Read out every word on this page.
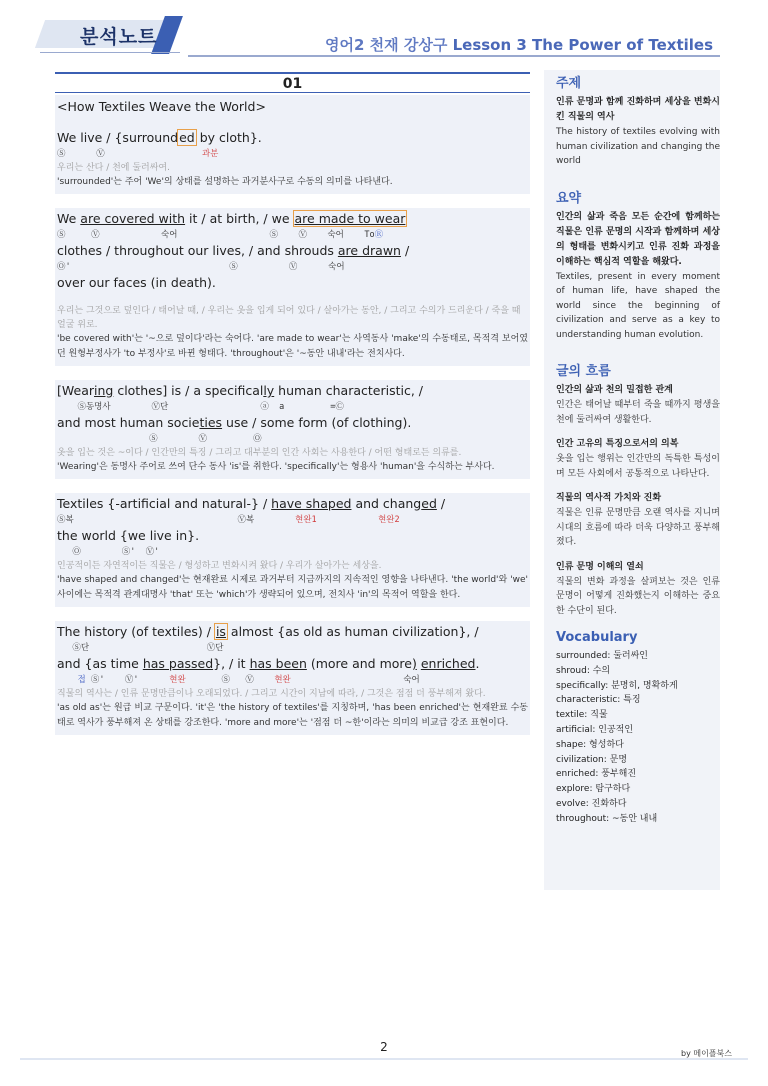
분석노트	영어2 천재 강상구 Lesson 3 The Power of Textiles
01
<How Textiles Weave the World>
We live / {surrounded by cloth}.
Ⓢ      Ⓥ                   과분
우리는 산다 / 천에 둘러싸여.
'surrounded'는 주어 'We'의 상태를 설명하는 과거분사구로 수동의 의미를 나타낸다.
We are covered with it / at birth, / we are made to wear
Ⓢ     Ⓥ            숙어                  Ⓢ    Ⓥ    숙어    ToⓇ
clothes / throughout our lives, / and shrouds are drawn /
Ⓞ'                               Ⓢ          Ⓥ      숙어
over our faces (in death).
우리는 그것으로 덮인다 / 태어날 때, / 우리는 옷을 입게 되어 있다 / 살아가는 동안, / 그리고 수의가 드리운다 / 죽을 때 얼굴 위로.
'be covered with'는 '~으로 덮이다'라는 숙어다. 'are made to wear'는 사역동사 'make'의 수동태로, 목적격 보어였던 원형부정사가 'to 부정사'로 바뀐 형태다. 'throughout'은 '~동안 내내'라는 전치사다.
[Wearing clothes] is / a specifically human characteristic, /
Ⓢ동명사        Ⓥ단                  ⓐ  a         =Ⓒ
and most human societies use / some form (of clothing).
Ⓢ        Ⓥ         Ⓞ
옷을 입는 것은 ~이다 / 인간만의 특징 / 그리고 대부분의 인간 사회는 사용한다 / 어떤 형태로든 의류를.
'Wearing'은 동명사 주어로 쓰여 단수 동사 'is'를 취한다. 'specifically'는 형용사 'human'을 수식하는 부사다.
Textiles {-artificial and natural-} / have shaped and changed /
Ⓢ복                                Ⓥ복        현완1	현완2
the world {we live in}.
Ⓞ        Ⓢ'  Ⓥ'
인공적이든 자연적이든 직물은 / 형성하고 변화시켜 왔다 / 우리가 살아가는 세상을.
'have shaped and changed'는 현재완료 시제로 과거부터 지금까지의 지속적인 영향을 나타낸다. 'the world'와 'we' 사이에는 목적격 관계대명사 'that' 또는 'which'가 생략되어 있으며, 전치사 'in'의 목적어 역할을 한다.
The history (of textiles) / is almost {as old as human civilization}, /
Ⓢ단                       Ⓥ단
and {as time has passed}, / it has been (more and more) enriched.
접 Ⓢ'    Ⓥ'      현완       Ⓢ   Ⓥ    현완                      숙어
직물의 역사는 / 인류 문명만큼이나 오래되었다. / 그리고 시간이 지남에 따라, / 그것은 점점 더 풍부해져 왔다.
'as old as'는 원급 비교 구문이다. 'it'은 'the history of textiles'를 지칭하며, 'has been enriched'는 현재완료 수동태로 역사가 풍부해져 온 상태를 강조한다. 'more and more'는 '점점 더 ~한'이라는 의미의 비교급 강조 표현이다.
주제
인류 문명과 함께 진화하며 세상을 변화시킨 직물의 역사
The history of textiles evolving with human civilization and changing the world
요약
인간의 삶과 죽음 모든 순간에 함께하는 직물은 인류 문명의 시작과 함께하며 세상의 형태를 변화시키고 인류 진화 과정을 이해하는 핵심적 역할을 해왔다.
Textiles, present in every moment of human life, have shaped the world since the beginning of civilization and serve as a key to understanding human evolution.
글의 흐름
인간의 삶과 천의 밀접한 관계
인간은 태어날 때부터 죽을 때까지 평생을 천에 둘러싸여 생활한다.
인간 고유의 특징으로서의 의복
옷을 입는 행위는 인간만의 독특한 특성이며 모든 사회에서 공통적으로 나타난다.
직물의 역사적 가치와 진화
직물은 인류 문명만큼 오랜 역사를 지니며 시대의 흐름에 따라 더욱 다양하고 풍부해졌다.
인류 문명 이해의 열쇠
직물의 변화 과정을 살펴보는 것은 인류 문명이 어떻게 진화했는지 이해하는 중요한 수단이 된다.
Vocabulary
surrounded: 둘러싸인
shroud: 수의
specifically: 분명히, 명확하게
characteristic: 특징
textile: 직물
artificial: 인공적인
shape: 형성하다
civilization: 문명
enriched: 풍부해진
explore: 탐구하다
evolve: 진화하다
throughout: ~동안 내내
2	by 메이플북스
